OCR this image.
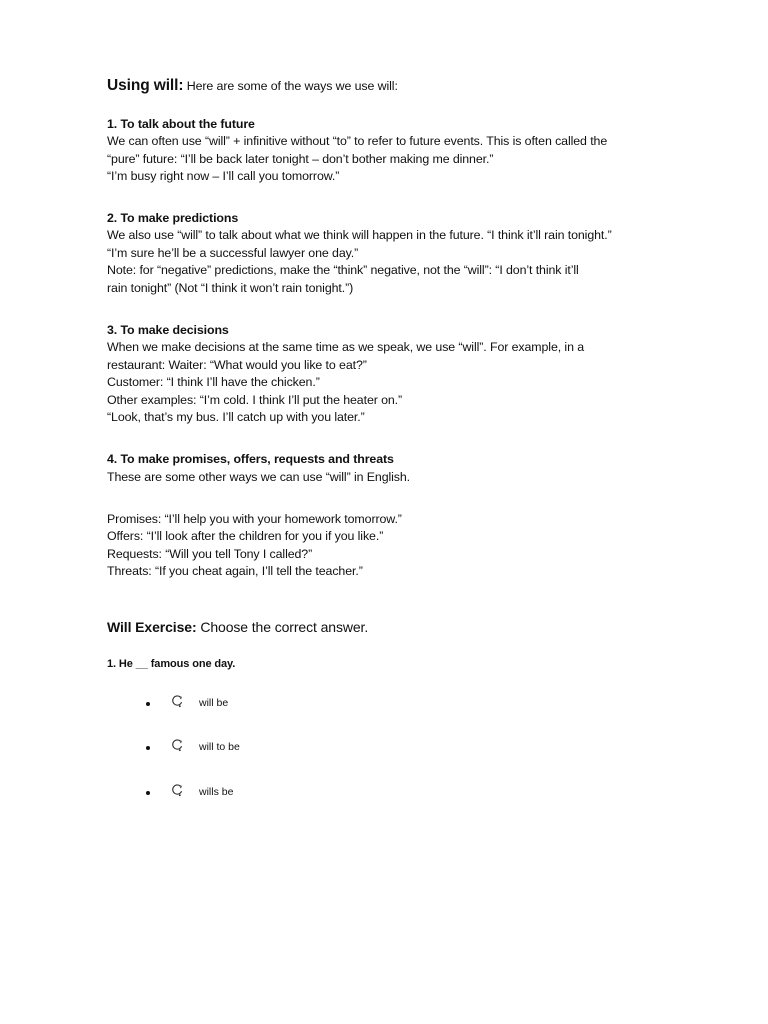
Using will: Here are some of the ways we use will:
1. To talk about the future
We can often use “will” + infinitive without “to” to refer to future events. This is often called the
“pure” future: “I’ll be back later tonight – don’t bother making me dinner.”
“I’m busy right now – I’ll call you tomorrow.”
2. To make predictions
We also use “will” to talk about what we think will happen in the future. “I think it’ll rain tonight.”
“I’m sure he’ll be a successful lawyer one day.”
Note: for “negative” predictions, make the “think” negative, not the “will”: “I don’t think it’ll
rain tonight” (Not “I think it won’t rain tonight.”)
3. To make decisions
When we make decisions at the same time as we speak, we use “will”. For example, in a
restaurant: Waiter: “What would you like to eat?”
Customer: “I think I’ll have the chicken.”
Other examples: “I’m cold. I think I’ll put the heater on.”
“Look, that’s my bus. I’ll catch up with you later.”
4. To make promises, offers, requests and threats
These are some other ways we can use “will” in English.
Promises: “I’ll help you with your homework tomorrow.”
Offers: “I’ll look after the children for you if you like.”
Requests: “Will you tell Tony I called?”
Threats: “If you cheat again, I’ll tell the teacher.”
Will Exercise: Choose the correct answer.
1. He __ famous one day.
will be
will to be
wills be
